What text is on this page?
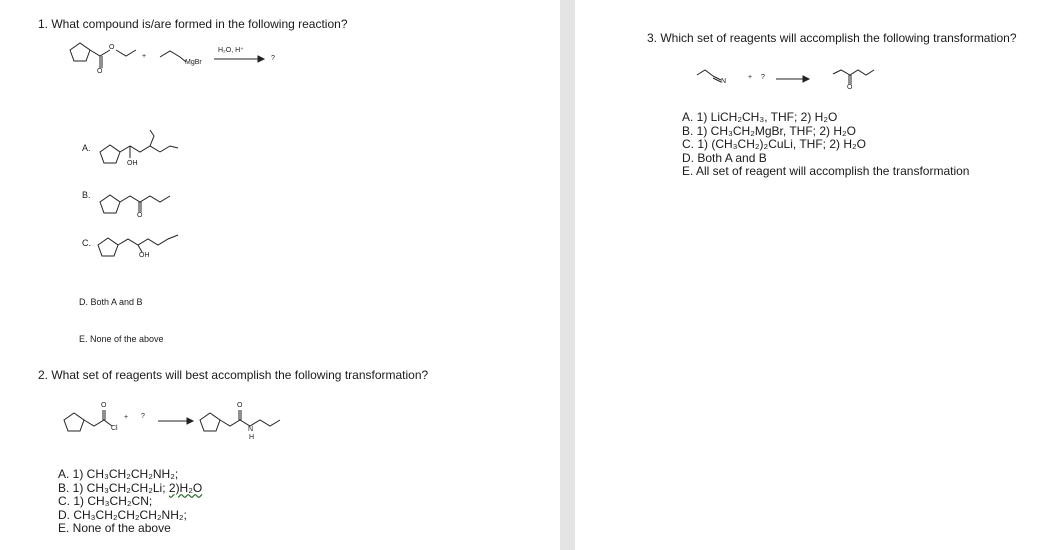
1. What compound is/are formed in the following reaction?
O
O
+
MgBr
H₂O, H⁺
?
A.
OH
B.
O
C.
OH
D. Both A and B
E. None of the above
2. What set of reagents will best accomplish the following transformation?
O
Cl
+ ?
O
N
H
A. 1) CH₃CH₂CH₂NH₂;
B. 1) CH₃CH₂CH₂Li; 2)H₂O
C. 1) CH₃CH₂CN;
D. CH₃CH₂CH₂CH₂NH₂;
E. None of the above
3. Which set of reagents will accomplish the following transformation?
N
+ ?
O
A. 1) LiCH₂CH₃, THF; 2) H₂O
B. 1) CH₃CH₂MgBr, THF; 2) H₂O
C. 1) (CH₃CH₂)₂CuLi, THF; 2) H₂O
D. Both A and B
E. All set of reagent will accomplish the transformation
